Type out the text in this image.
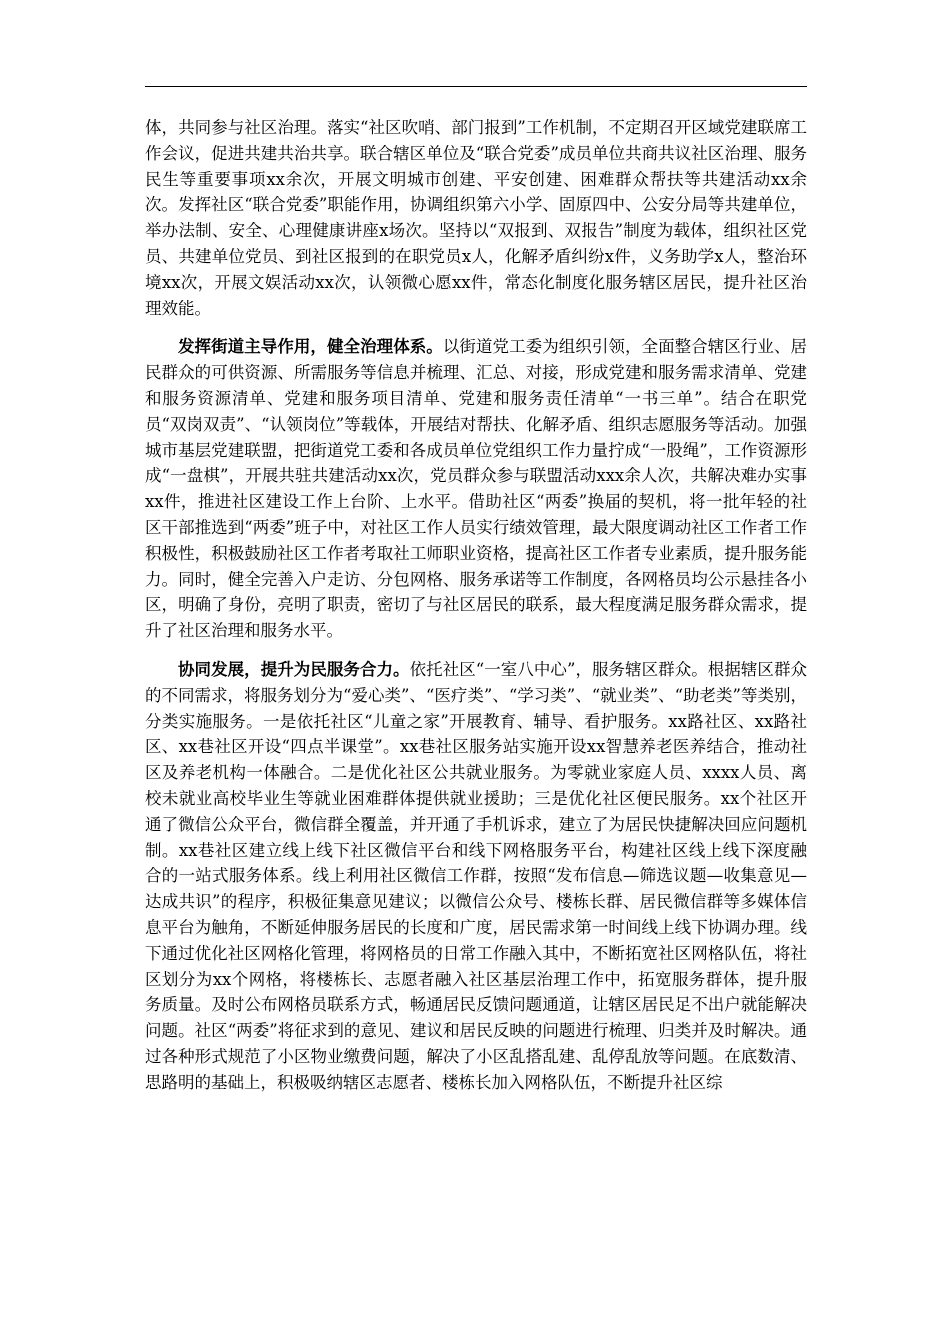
体，共同参与社区治理。落实“社区吹哨、部门报到”工作机制，不定期召开区域党建联席工作会议，促进共建共治共享。联合辖区单位及“联合党委”成员单位共商共议社区治理、服务民生等重要事项xx余次，开展文明城市创建、平安创建、困难群众帮扶等共建活动xx余次。发挥社区“联合党委”职能作用，协调组织第六小学、固原四中、公安分局等共建单位，举办法制、安全、心理健康讲座x场次。坚持以“双报到、双报告”制度为载体，组织社区党员、共建单位党员、到社区报到的在职党员x人，化解矛盾纠纷x件，义务助学x人，整治环境xx次，开展文娱活动xx次，认领微心愿xx件，常态化制度化服务辖区居民，提升社区治理效能。

发挥街道主导作用，健全治理体系。以街道党工委为组织引领，全面整合辖区行业、居民群众的可供资源、所需服务等信息并梳理、汇总、对接，形成党建和服务需求清单、党建和服务资源清单、党建和服务项目清单、党建和服务责任清单“一书三单”。结合在职党员“双岗双责”、“认领岗位”等载体，开展结对帮扶、化解矛盾、组织志愿服务等活动。加强城市基层党建联盟，把街道党工委和各成员单位党组织工作力量拧成“一股绳”，工作资源形成“一盘棋”，开展共驻共建活动xx次，党员群众参与联盟活动xxx余人次，共解决难办实事xx件，推进社区建设工作上台阶、上水平。借助社区“两委”换届的契机，将一批年轻的社区干部推选到“两委”班子中，对社区工作人员实行绩效管理，最大限度调动社区工作者工作积极性，积极鼓励社区工作者考取社工师职业资格，提高社区工作者专业素质，提升服务能力。同时，健全完善入户走访、分包网格、服务承诺等工作制度，各网格员均公示悬挂各小区，明确了身份，亮明了职责，密切了与社区居民的联系，最大程度满足服务群众需求，提升了社区治理和服务水平。

协同发展，提升为民服务合力。依托社区“一室八中心”，服务辖区群众。根据辖区群众的不同需求，将服务划分为“爱心类”、“医疗类”、“学习类”、“就业类”、“助老类”等类别，分类实施服务。一是依托社区“儿童之家”开展教育、辅导、看护服务。xx路社区、xx路社区、xx巷社区开设“四点半课堂”。xx巷社区服务站实施开设xx智慧养老医养结合，推动社区及养老机构一体融合。二是优化社区公共就业服务。为零就业家庭人员、xxxx人员、离校未就业高校毕业生等就业困难群体提供就业援助；三是优化社区便民服务。xx个社区开通了微信公众平台，微信群全覆盖，并开通了手机诉求，建立了为居民快捷解决回应问题机制。xx巷社区建立线上线下社区微信平台和线下网格服务平台，构建社区线上线下深度融合的一站式服务体系。线上利用社区微信工作群，按照“发布信息—筛选议题—收集意见—达成共识”的程序，积极征集意见建议；以微信公众号、楼栋长群、居民微信群等多媒体信息平台为触角，不断延伸服务居民的长度和广度，居民需求第一时间线上线下协调办理。线下通过优化社区网格化管理，将网格员的日常工作融入其中，不断拓宽社区网格队伍，将社区划分为xx个网格，将楼栋长、志愿者融入社区基层治理工作中，拓宽服务群体，提升服务质量。及时公布网格员联系方式，畅通居民反馈问题通道，让辖区居民足不出户就能解决问题。社区“两委”将征求到的意见、建议和居民反映的问题进行梳理、归类并及时解决。通过各种形式规范了小区物业缴费问题，解决了小区乱搭乱建、乱停乱放等问题。在底数清、思路明的基础上，积极吸纳辖区志愿者、楼栋长加入网格队伍，不断提升社区综
